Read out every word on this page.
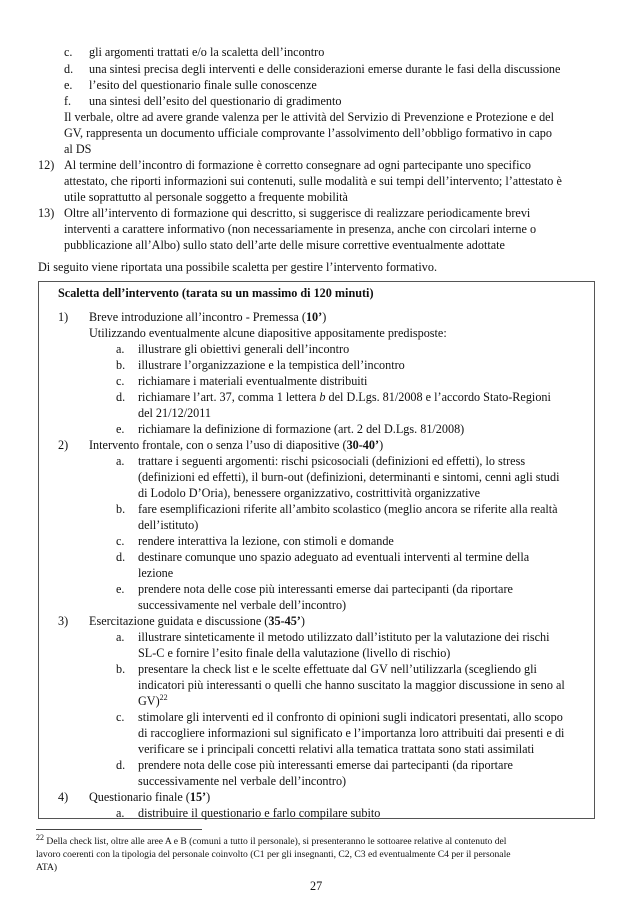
c. gli argomenti trattati e/o la scaletta dell’incontro
d. una sintesi precisa degli interventi e delle considerazioni emerse durante le fasi della discussione
e. l’esito del questionario finale sulle conoscenze
f. una sintesi dell’esito del questionario di gradimento
Il verbale, oltre ad avere grande valenza per le attività del Servizio di Prevenzione e Protezione e del
GV, rappresenta un documento ufficiale comprovante l’assolvimento dell’obbligo formativo in capo
al DS
12) Al termine dell’incontro di formazione è corretto consegnare ad ogni partecipante uno specifico
attestato, che riporti informazioni sui contenuti, sulle modalità e sui tempi dell’intervento; l’attestato è
utile soprattutto al personale soggetto a frequente mobilità
13) Oltre all’intervento di formazione qui descritto, si suggerisce di realizzare periodicamente brevi
interventi a carattere informativo (non necessariamente in presenza, anche con circolari interne o
pubblicazione all’Albo) sullo stato dell’arte delle misure correttive eventualmente adottate
Di seguito viene riportata una possibile scaletta per gestire l’intervento formativo.
Scaletta dell’intervento (tarata su un massimo di 120 minuti)
1) Breve introduzione all’incontro - Premessa (10’)
Utilizzando eventualmente alcune diapositive appositamente predisposte:
a. illustrare gli obiettivi generali dell’incontro
b. illustrare l’organizzazione e la tempistica dell’incontro
c. richiamare i materiali eventualmente distribuiti
d. richiamare l’art. 37, comma 1 lettera b del D.Lgs. 81/2008 e l’accordo Stato-Regioni
del 21/12/2011
e. richiamare la definizione di formazione (art. 2 del D.Lgs. 81/2008)
2) Intervento frontale, con o senza l’uso di diapositive (30-40’)
a. trattare i seguenti argomenti: rischi psicosociali (definizioni ed effetti), lo stress
(definizioni ed effetti), il burn-out (definizioni, determinanti e sintomi, cenni agli studi
di Lodolo D’Oria), benessere organizzativo, costrittività organizzative
b. fare esemplificazioni riferite all’ambito scolastico (meglio ancora se riferite alla realtà
dell’istituto)
c. rendere interattiva la lezione, con stimoli e domande
d. destinare comunque uno spazio adeguato ad eventuali interventi al termine della
lezione
e. prendere nota delle cose più interessanti emerse dai partecipanti (da riportare
successivamente nel verbale dell’incontro)
3) Esercitazione guidata e discussione (35-45’)
a. illustrare sinteticamente il metodo utilizzato dall’istituto per la valutazione dei rischi
SL-C e fornire l’esito finale della valutazione (livello di rischio)
b. presentare la check list e le scelte effettuate dal GV nell’utilizzarla (scegliendo gli
indicatori più interessanti o quelli che hanno suscitato la maggior discussione in seno al
GV)$^{22}$
c. stimolare gli interventi ed il confronto di opinioni sugli indicatori presentati, allo scopo
di raccogliere informazioni sul significato e l’importanza loro attribuiti dai presenti e di
verificare se i principali concetti relativi alla tematica trattata sono stati assimilati
d. prendere nota delle cose più interessanti emerse dai partecipanti (da riportare
successivamente nel verbale dell’incontro)
4) Questionario finale (15’)
a. distribuire il questionario e farlo compilare subito
$^{22}$ Della check list, oltre alle aree A e B (comuni a tutto il personale), si presenteranno le sottoaree relative al contenuto del
lavoro coerenti con la tipologia del personale coinvolto (C1 per gli insegnanti, C2, C3 ed eventualmente C4 per il personale
ATA)
27
